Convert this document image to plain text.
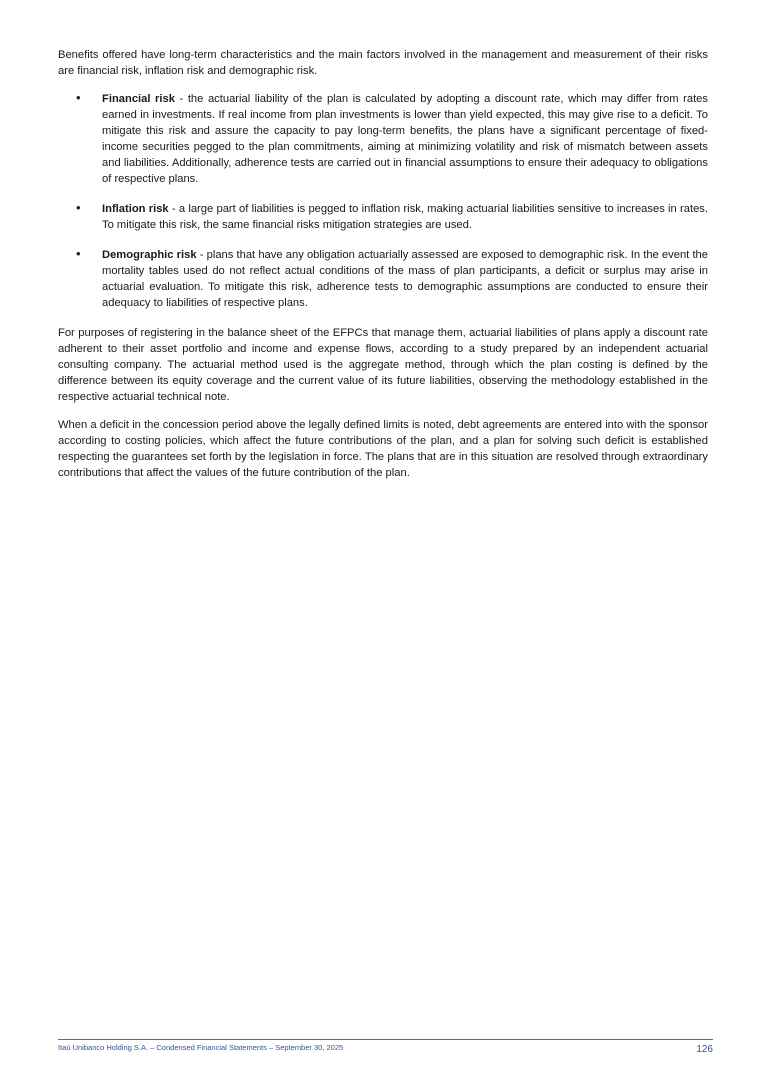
Benefits offered have long-term characteristics and the main factors involved in the management and measurement of their risks are financial risk, inflation risk and demographic risk.

• Financial risk - the actuarial liability of the plan is calculated by adopting a discount rate, which may differ from rates earned in investments. If real income from plan investments is lower than yield expected, this may give rise to a deficit. To mitigate this risk and assure the capacity to pay long-term benefits, the plans have a significant percentage of fixed-income securities pegged to the plan commitments, aiming at minimizing volatility and risk of mismatch between assets and liabilities. Additionally, adherence tests are carried out in financial assumptions to ensure their adequacy to obligations of respective plans.

• Inflation risk - a large part of liabilities is pegged to inflation risk, making actuarial liabilities sensitive to increases in rates. To mitigate this risk, the same financial risks mitigation strategies are used.

• Demographic risk - plans that have any obligation actuarially assessed are exposed to demographic risk. In the event the mortality tables used do not reflect actual conditions of the mass of plan participants, a deficit or surplus may arise in actuarial evaluation. To mitigate this risk, adherence tests to demographic assumptions are conducted to ensure their adequacy to liabilities of respective plans.

For purposes of registering in the balance sheet of the EFPCs that manage them, actuarial liabilities of plans apply a discount rate adherent to their asset portfolio and income and expense flows, according to a study prepared by an independent actuarial consulting company. The actuarial method used is the aggregate method, through which the plan costing is defined by the difference between its equity coverage and the current value of its future liabilities, observing the methodology established in the respective actuarial technical note.

When a deficit in the concession period above the legally defined limits is noted, debt agreements are entered into with the sponsor according to costing policies, which affect the future contributions of the plan, and a plan for solving such deficit is established respecting the guarantees set forth by the legislation in force. The plans that are in this situation are resolved through extraordinary contributions that affect the values of the future contribution of the plan.

Itaú Unibanco Holding S.A. – Condensed Financial Statements – September 30, 2025	126
